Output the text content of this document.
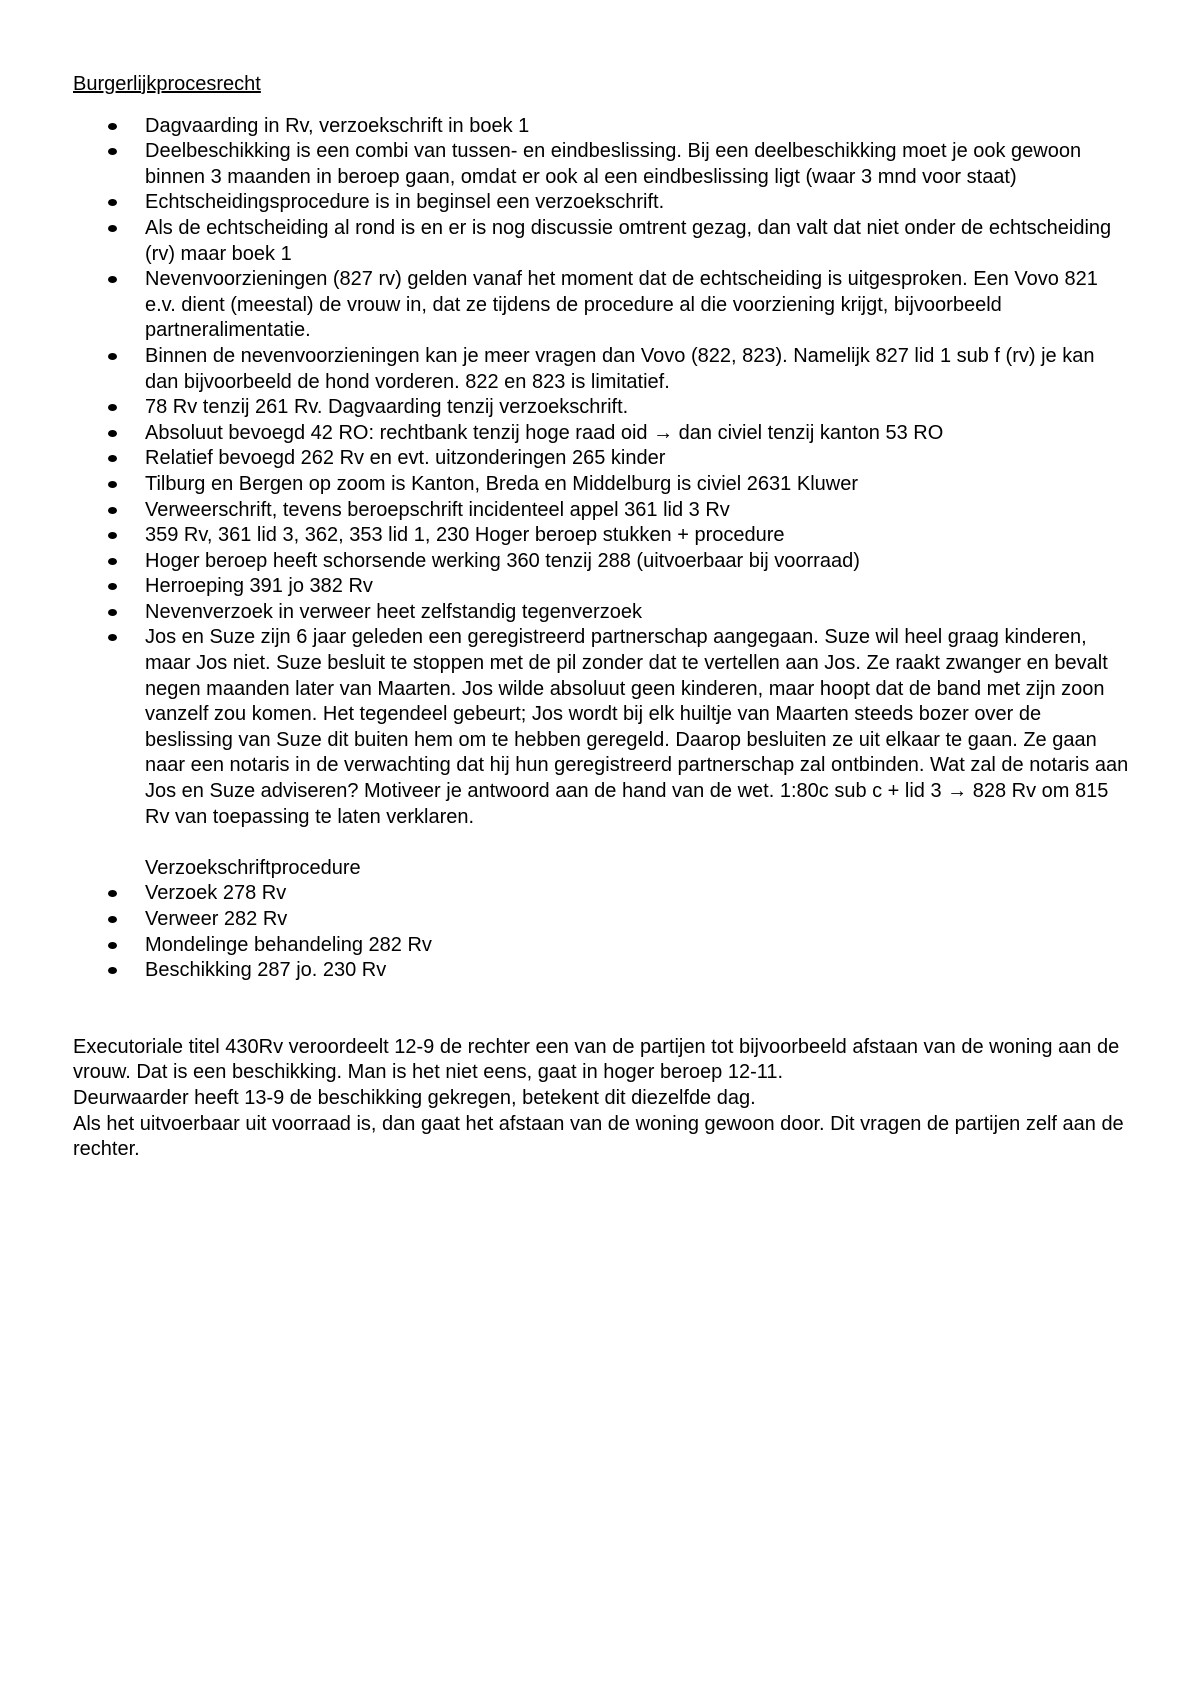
Burgerlijkprocesrecht
Dagvaarding in Rv, verzoekschrift in boek 1
Deelbeschikking is een combi van tussen- en eindbeslissing. Bij een deelbeschikking moet je ook gewoon binnen 3 maanden in beroep gaan, omdat er ook al een eindbeslissing ligt (waar 3 mnd voor staat)
Echtscheidingsprocedure is in beginsel een verzoekschrift.
Als de echtscheiding al rond is en er is nog discussie omtrent gezag, dan valt dat niet onder de echtscheiding (rv) maar boek 1
Nevenvoorzieningen (827 rv) gelden vanaf het moment dat de echtscheiding is uitgesproken. Een Vovo 821 e.v. dient (meestal) de vrouw in, dat ze tijdens de procedure al die voorziening krijgt, bijvoorbeeld partneralimentatie.
Binnen de nevenvoorzieningen kan je meer vragen dan Vovo (822, 823). Namelijk 827 lid 1 sub f (rv) je kan dan bijvoorbeeld de hond vorderen. 822 en 823 is limitatief.
78 Rv tenzij 261 Rv. Dagvaarding tenzij verzoekschrift.
Absoluut bevoegd 42 RO: rechtbank tenzij hoge raad oid → dan civiel tenzij kanton 53 RO
Relatief bevoegd 262 Rv en evt. uitzonderingen 265 kinder
Tilburg en Bergen op zoom is Kanton, Breda en Middelburg is civiel 2631 Kluwer
Verweerschrift, tevens beroepschrift incidenteel appel 361 lid 3 Rv
359 Rv, 361 lid 3, 362, 353 lid 1, 230 Hoger beroep stukken + procedure
Hoger beroep heeft schorsende werking 360 tenzij 288 (uitvoerbaar bij voorraad)
Herroeping 391 jo 382 Rv
Nevenverzoek in verweer heet zelfstandig tegenverzoek
Jos en Suze zijn 6 jaar geleden een geregistreerd partnerschap aangegaan. Suze wil heel graag kinderen, maar Jos niet. Suze besluit te stoppen met de pil zonder dat te vertellen aan Jos. Ze raakt zwanger en bevalt negen maanden later van Maarten. Jos wilde absoluut geen kinderen, maar hoopt dat de band met zijn zoon vanzelf zou komen. Het tegendeel gebeurt; Jos wordt bij elk huiltje van Maarten steeds bozer over de beslissing van Suze dit buiten hem om te hebben geregeld. Daarop besluiten ze uit elkaar te gaan. Ze gaan naar een notaris in de verwachting dat hij hun geregistreerd partnerschap zal ontbinden. Wat zal de notaris aan Jos en Suze adviseren? Motiveer je antwoord aan de hand van de wet. 1:80c sub c + lid 3 → 828 Rv om 815 Rv van toepassing te laten verklaren.
Verzoekschriftprocedure
Verzoek 278 Rv
Verweer 282 Rv
Mondelinge behandeling 282 Rv
Beschikking 287 jo. 230 Rv

Executoriale titel 430Rv veroordeelt 12-9 de rechter een van de partijen tot bijvoorbeeld afstaan van de woning aan de vrouw. Dat is een beschikking. Man is het niet eens, gaat in hoger beroep 12-11.

Deurwaarder heeft 13-9 de beschikking gekregen, betekent dit diezelfde dag.

Als het uitvoerbaar uit voorraad is, dan gaat het afstaan van de woning gewoon door. Dit vragen de partijen zelf aan de rechter.
